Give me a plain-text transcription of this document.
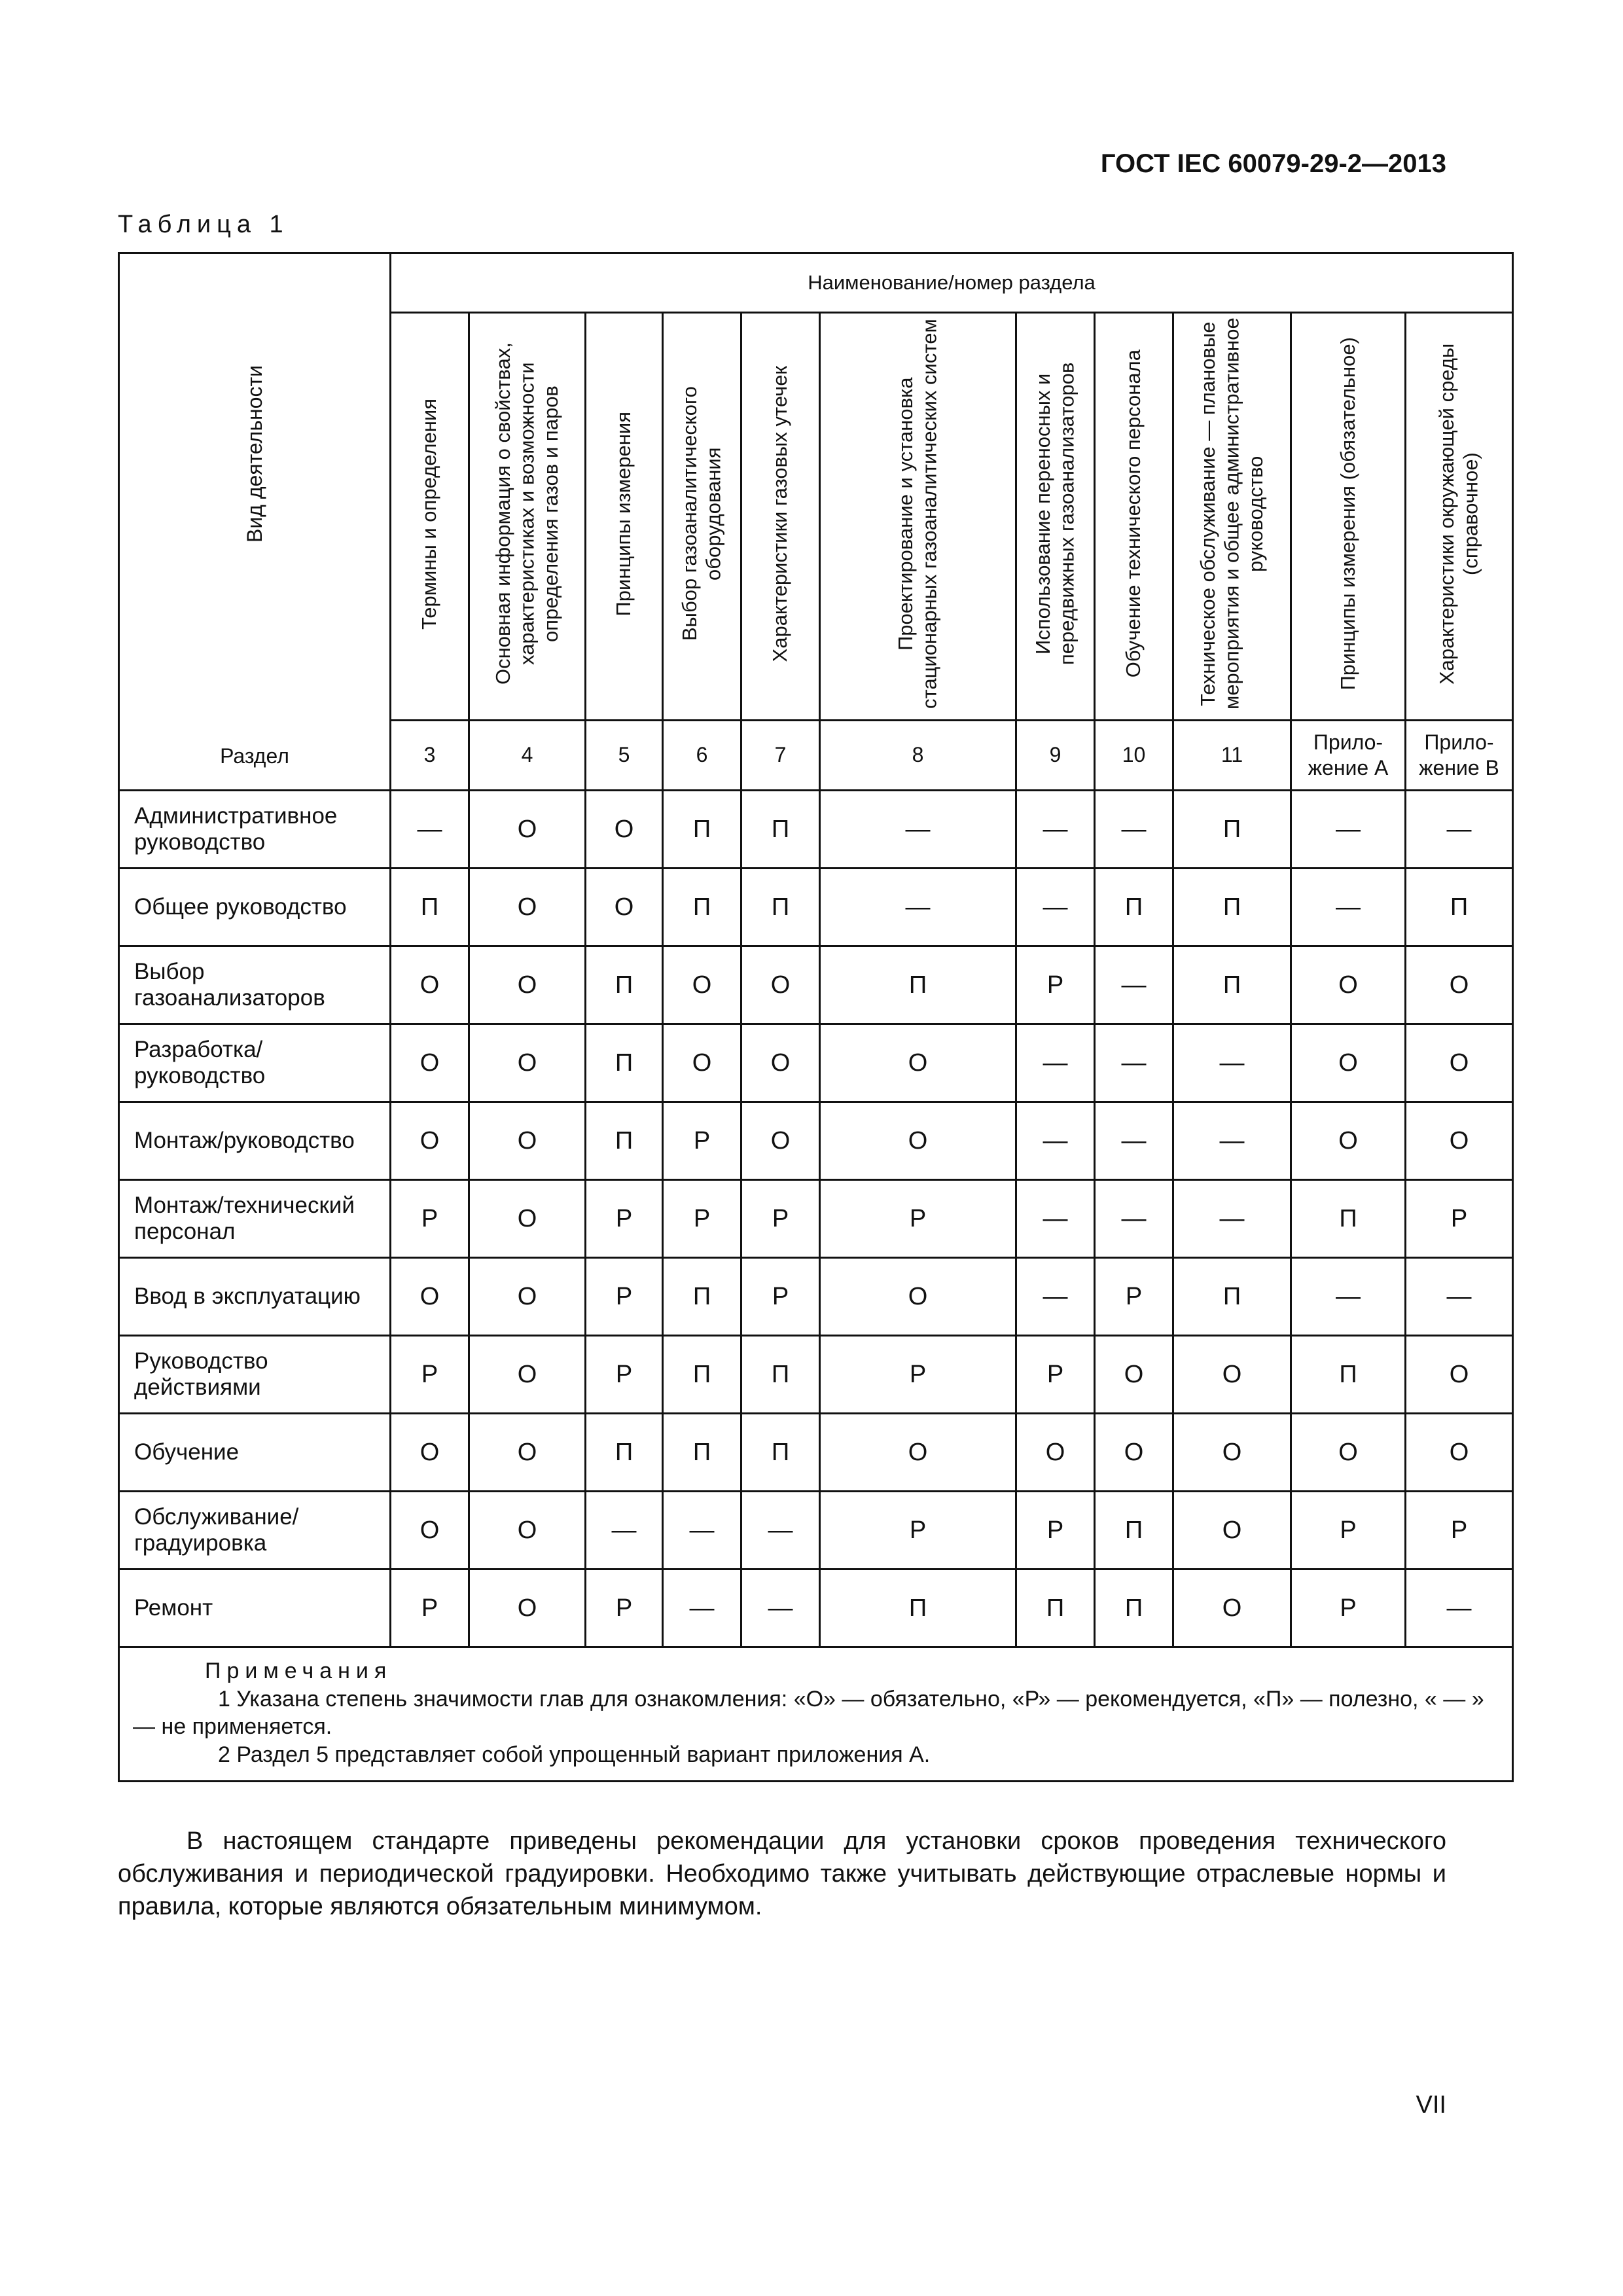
ГОСТ IEC 60079-29-2—2013
Таблица 1
Вид деятельности
Раздел	Наименование/номер раздела										
	Термины и определения	Основная информация о свойствах, характеристиках и возможности определения газов и паров	Принципы измерения	Выбор газоаналитического оборудования	Характеристики газовых утечек	Проектирование и установка стационарных газоаналитических систем	Использование переносных и передвижных газоанализаторов	Обучение технического персонала	Техническое обслуживание — плановые мероприятия и общее административное руководство	Принципы измерения (обязательное)	Характеристики окружающей среды (справочное)
	3	4	5	6	7	8	9	10	11	Прило-жение А	Прило-жение В
Административное руководство	—	О	О	П	П	—	—	—	П	—	—
Общее руководство	П	О	О	П	П	—	—	П	П	—	П
Выбор газоанализаторов	О	О	П	О	О	П	Р	—	П	О	О
Разработка/ руководство	О	О	П	О	О	О	—	—	—	О	О
Монтаж/руководство	О	О	П	Р	О	О	—	—	—	О	О
Монтаж/технический персонал	Р	О	Р	Р	Р	Р	—	—	—	П	Р
Ввод в эксплуатацию	О	О	Р	П	Р	О	—	Р	П	—	—
Руководство действиями	Р	О	Р	П	П	Р	Р	О	О	П	О
Обучение	О	О	П	П	П	О	О	О	О	О	О
Обслуживание/ градуировка	О	О	—	—	—	Р	Р	П	О	Р	Р
Ремонт	Р	О	Р	—	—	П	П	П	О	Р	—

Примечания
1 Указана степень значимости глав для ознакомления: «О» — обязательно, «Р» — рекомендуется, «П» — полезно, « — » — не применяется.
2 Раздел 5 представляет собой упрощенный вариант приложения А.											
В настоящем стандарте приведены рекомендации для установки сроков проведения технического обслуживания и периодической градуировки. Необходимо также учитывать действующие отраслевые нормы и правила, которые являются обязательным минимумом.
VII
